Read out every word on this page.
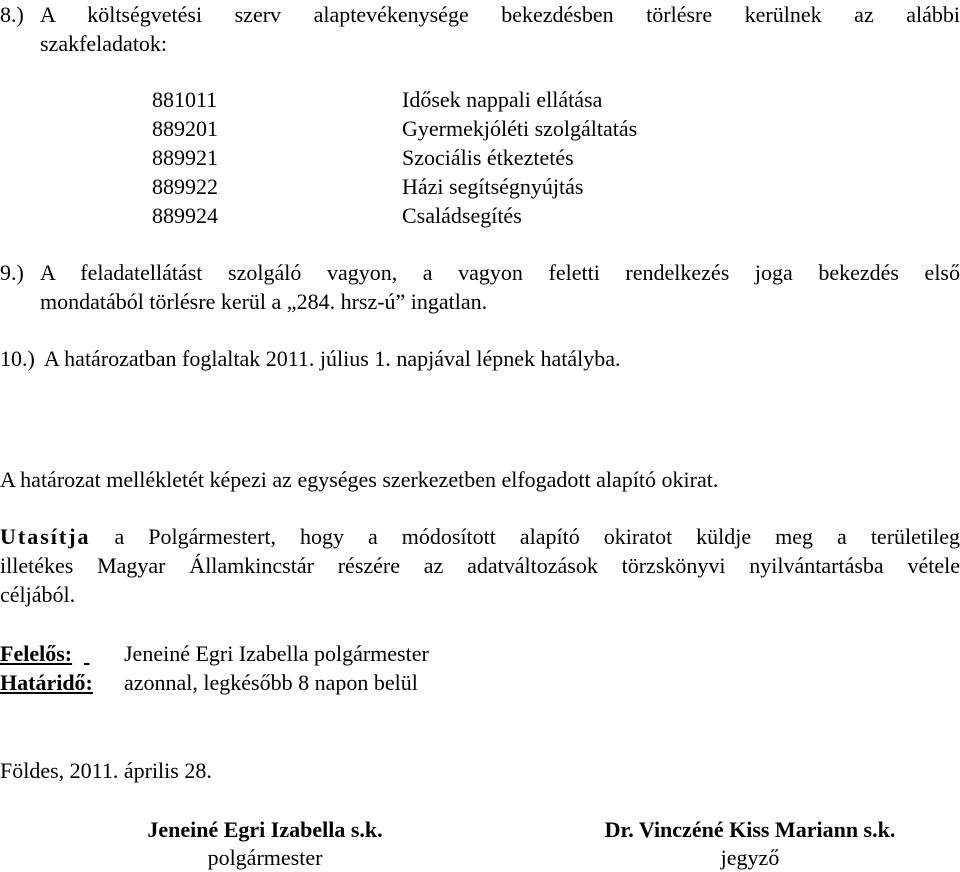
8.) A költségvetési szerv alaptevékenysége bekezdésben törlésre kerülnek az alábbi
szakfeladatok:
881011	Idősek nappali ellátása
889201	Gyermekjóléti szolgáltatás
889921	Szociális étkeztetés
889922	Házi segítségnyújtás
889924	Családsegítés
9.) A feladatellátást szolgáló vagyon, a vagyon feletti rendelkezés joga bekezdés első
mondatából törlésre kerül a „284. hrsz-ú” ingatlan.
10.) A határozatban foglaltak 2011. július 1. napjával lépnek hatályba.
A határozat mellékletét képezi az egységes szerkezetben elfogadott alapító okirat.
Utasítja a Polgármestert, hogy a módosított alapító okiratot küldje meg a területileg
illetékes Magyar Államkincstár részére az adatváltozások törzskönyvi nyilvántartásba vétele
céljából.
Felelős:
Jeneiné Egri Izabella polgármester
Határidő: azonnal, legkésőbb 8 napon belül
Földes, 2011. április 28.
Jeneiné Egri Izabella s.k.
polgármester
Dr. Vinczéné Kiss Mariann s.k.
jegyző
